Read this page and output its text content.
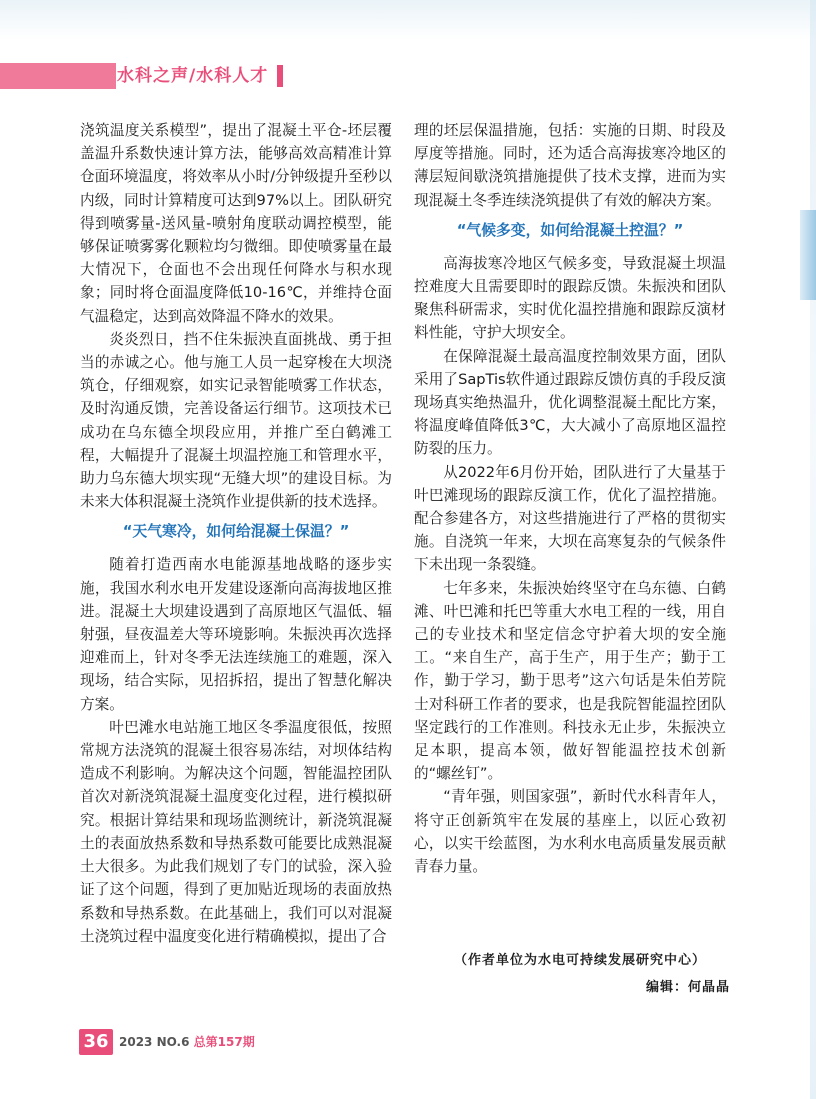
水科之声/水科人才

浇筑温度关系模型”，提出了混凝土平仓-坯层覆盖温升系数快速计算方法，能够高效高精准计算仓面环境温度，将效率从小时/分钟级提升至秒以内级，同时计算精度可达到97%以上。团队研究得到喷雾量-送风量-喷射角度联动调控模型，能够保证喷雾雾化颗粒均匀微细。即使喷雾量在最大情况下，仓面也不会出现任何降水与积水现象；同时将仓面温度降低10-16℃，并维持仓面气温稳定，达到高效降温不降水的效果。

炎炎烈日，挡不住朱振泱直面挑战、勇于担当的赤诚之心。他与施工人员一起穿梭在大坝浇筑仓，仔细观察，如实记录智能喷雾工作状态，及时沟通反馈，完善设备运行细节。这项技术已成功在乌东德全坝段应用，并推广至白鹤滩工程，大幅提升了混凝土坝温控施工和管理水平，助力乌东德大坝实现“无缝大坝”的建设目标。为未来大体积混凝土浇筑作业提供新的技术选择。

“天气寒冷，如何给混凝土保温？”

随着打造西南水电能源基地战略的逐步实施，我国水利水电开发建设逐渐向高海拔地区推进。混凝土大坝建设遇到了高原地区气温低、辐射强，昼夜温差大等环境影响。朱振泱再次选择迎难而上，针对冬季无法连续施工的难题，深入现场，结合实际，见招拆招，提出了智慧化解决方案。

叶巴滩水电站施工地区冬季温度很低，按照常规方法浇筑的混凝土很容易冻结，对坝体结构造成不利影响。为解决这个问题，智能温控团队首次对新浇筑混凝土温度变化过程，进行模拟研究。根据计算结果和现场监测统计，新浇筑混凝土的表面放热系数和导热系数可能要比成熟混凝土大很多。为此我们规划了专门的试验，深入验证了这个问题，得到了更加贴近现场的表面放热系数和导热系数。在此基础上，我们可以对混凝土浇筑过程中温度变化进行精确模拟，提出了合

理的坯层保温措施，包括：实施的日期、时段及厚度等措施。同时，还为适合高海拔寒冷地区的薄层短间歇浇筑措施提供了技术支撑，进而为实现混凝土冬季连续浇筑提供了有效的解决方案。

“气候多变，如何给混凝土控温？”

高海拔寒冷地区气候多变，导致混凝土坝温控难度大且需要即时的跟踪反馈。朱振泱和团队聚焦科研需求，实时优化温控措施和跟踪反演材料性能，守护大坝安全。

在保障混凝土最高温度控制效果方面，团队采用了SapTis软件通过跟踪反馈仿真的手段反演现场真实绝热温升，优化调整混凝土配比方案，将温度峰值降低3℃，大大减小了高原地区温控防裂的压力。

从2022年6月份开始，团队进行了大量基于叶巴滩现场的跟踪反演工作，优化了温控措施。配合参建各方，对这些措施进行了严格的贯彻实施。自浇筑一年来，大坝在高寒复杂的气候条件下未出现一条裂缝。

七年多来，朱振泱始终坚守在乌东德、白鹤滩、叶巴滩和托巴等重大水电工程的一线，用自己的专业技术和坚定信念守护着大坝的安全施工。“来自生产，高于生产，用于生产；勤于工作，勤于学习，勤于思考”这六句话是朱伯芳院士对科研工作者的要求，也是我院智能温控团队坚定践行的工作准则。科技永无止步，朱振泱立足本职，提高本领，做好智能温控技术创新的“螺丝钉”。

“青年强，则国家强”，新时代水科青年人，将守正创新筑牢在发展的基座上，以匠心致初心，以实干绘蓝图，为水利水电高质量发展贡献青春力量。

（作者单位为水电可持续发展研究中心）
编辑：何晶晶
36 2023 NO.6 总第157期
